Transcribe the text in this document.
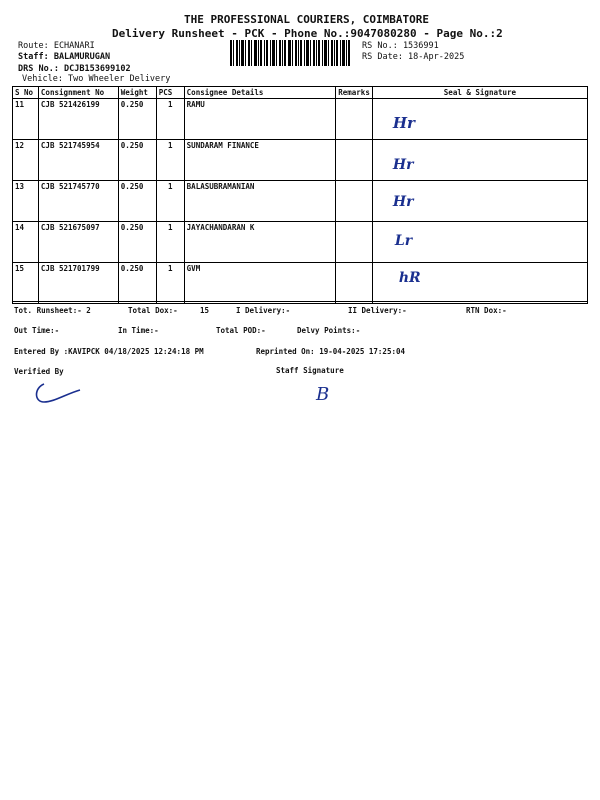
THE PROFESSIONAL COURIERS, COIMBATORE
Delivery Runsheet - PCK - Phone No.:9047080280 - Page No.:2
Route: ECHANARI
Staff: BALAMURUGAN
DRS No.: DCJB153699102
Vehicle: Two Wheeler Delivery
RS No.: 1536991
RS Date: 18-Apr-2025
S No	Consignment No	Weight	PCS	Consignee Details	Remarks	Seal & Signature
11	CJB 521426199	0.250	1	RAMU		Hr

12	CJB 521745954	0.250	1	SUNDARAM FINANCE		Hr

13	CJB 521745770	0.250	1	BALASUBRAMANIAN		Hr

14	CJB 521675097	0.250	1	JAYACHANDARAN K		Lr

15	CJB 521701799	0.250	1	GVM		hR
Tot. Runsheet:- 2	Total Dox:-	15	I Delivery:-	II Delivery:-	RTN Dox:-
Out Time:-	In Time:-	Total POD:-	Delvy Points:-
Entered By :KAVIPCK 04/18/2025 12:24:18 PM	Reprinted On: 19-04-2025 17:25:04
Verified By	Staff Signature
B
